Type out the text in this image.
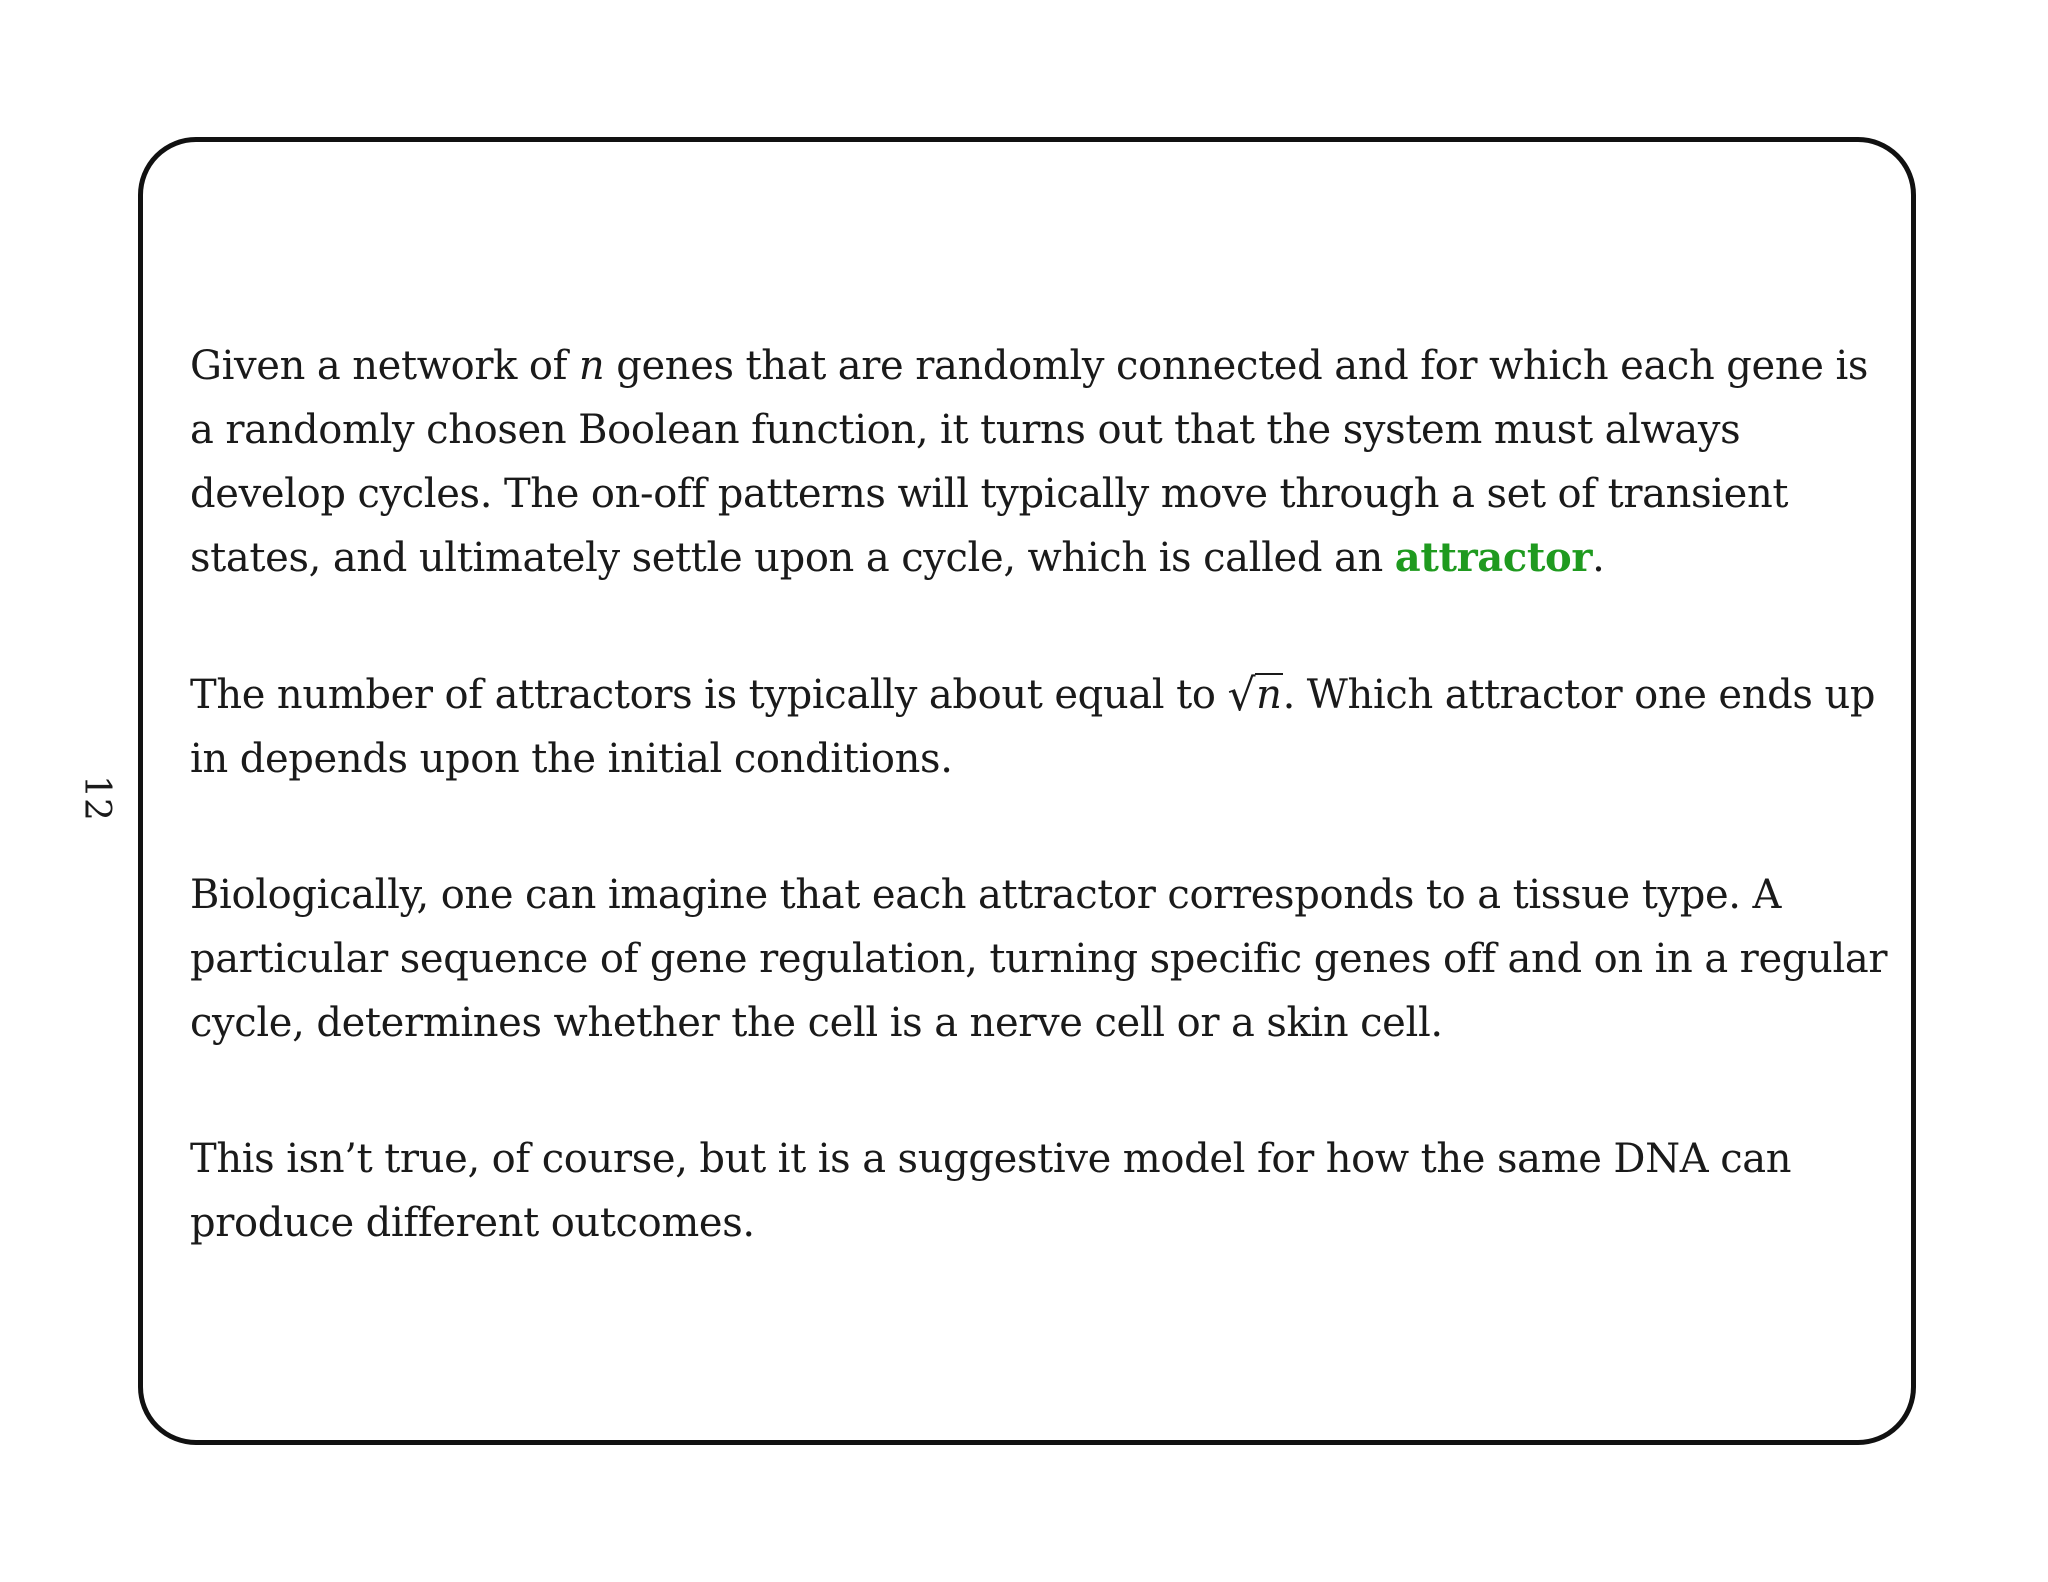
12

Given a network of n genes that are randomly connected and for which each gene is a randomly chosen Boolean function, it turns out that the system must always develop cycles. The on-off patterns will typically move through a set of transient states, and ultimately settle upon a cycle, which is called an attractor.

The number of attractors is typically about equal to √n. Which attractor one ends up in depends upon the initial conditions.

Biologically, one can imagine that each attractor corresponds to a tissue type. A particular sequence of gene regulation, turning specific genes off and on in a regular cycle, determines whether the cell is a nerve cell or a skin cell.

This isn’t true, of course, but it is a suggestive model for how the same DNA can produce different outcomes.
